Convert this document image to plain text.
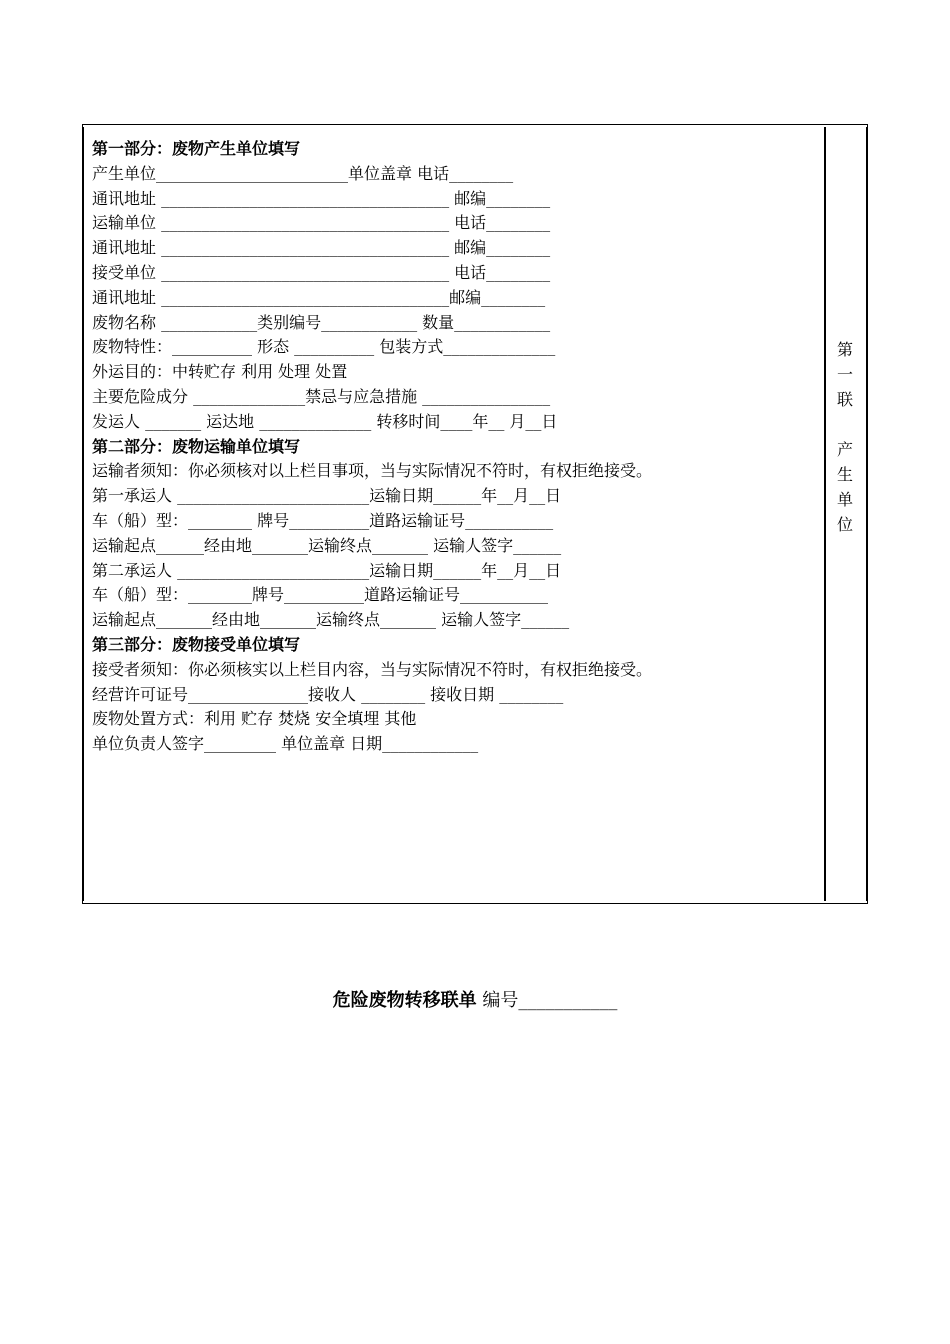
第一部分：废物产生单位填写
产生单位________________________单位盖章 电话________
通讯地址 ____________________________________ 邮编________
运输单位 ____________________________________ 电话________
通讯地址 ____________________________________ 邮编________
接受单位 ____________________________________ 电话________
通讯地址 ____________________________________邮编________
废物名称 ____________类别编号____________ 数量____________
废物特性：__________ 形态 __________ 包装方式______________
外运目的：中转贮存 利用 处理 处置
主要危险成分 ______________禁忌与应急措施 ________________
发运人 _______ 运达地 ______________ 转移时间____年__ 月__日
第二部分：废物运输单位填写
运输者须知：你必须核对以上栏目事项，当与实际情况不符时，有权拒绝接受。
第一承运人 ________________________运输日期______年__月__日
车（船）型：________ 牌号__________道路运输证号___________
运输起点______经由地_______运输终点_______ 运输人签字______
第二承运人 ________________________运输日期______年__月__日
车（船）型：________牌号__________道路运输证号___________
运输起点_______经由地_______运输终点_______ 运输人签字______
第三部分：废物接受单位填写
接受者须知：你必须核实以上栏目内容，当与实际情况不符时，有权拒绝接受。
经营许可证号_______________接收人 ________ 接收日期 ________
废物处置方式：利用 贮存 焚烧 安全填埋 其他
单位负责人签字_________ 单位盖章 日期____________
第
一
联
产
生
单
位
危险废物转移联单 编号___________
